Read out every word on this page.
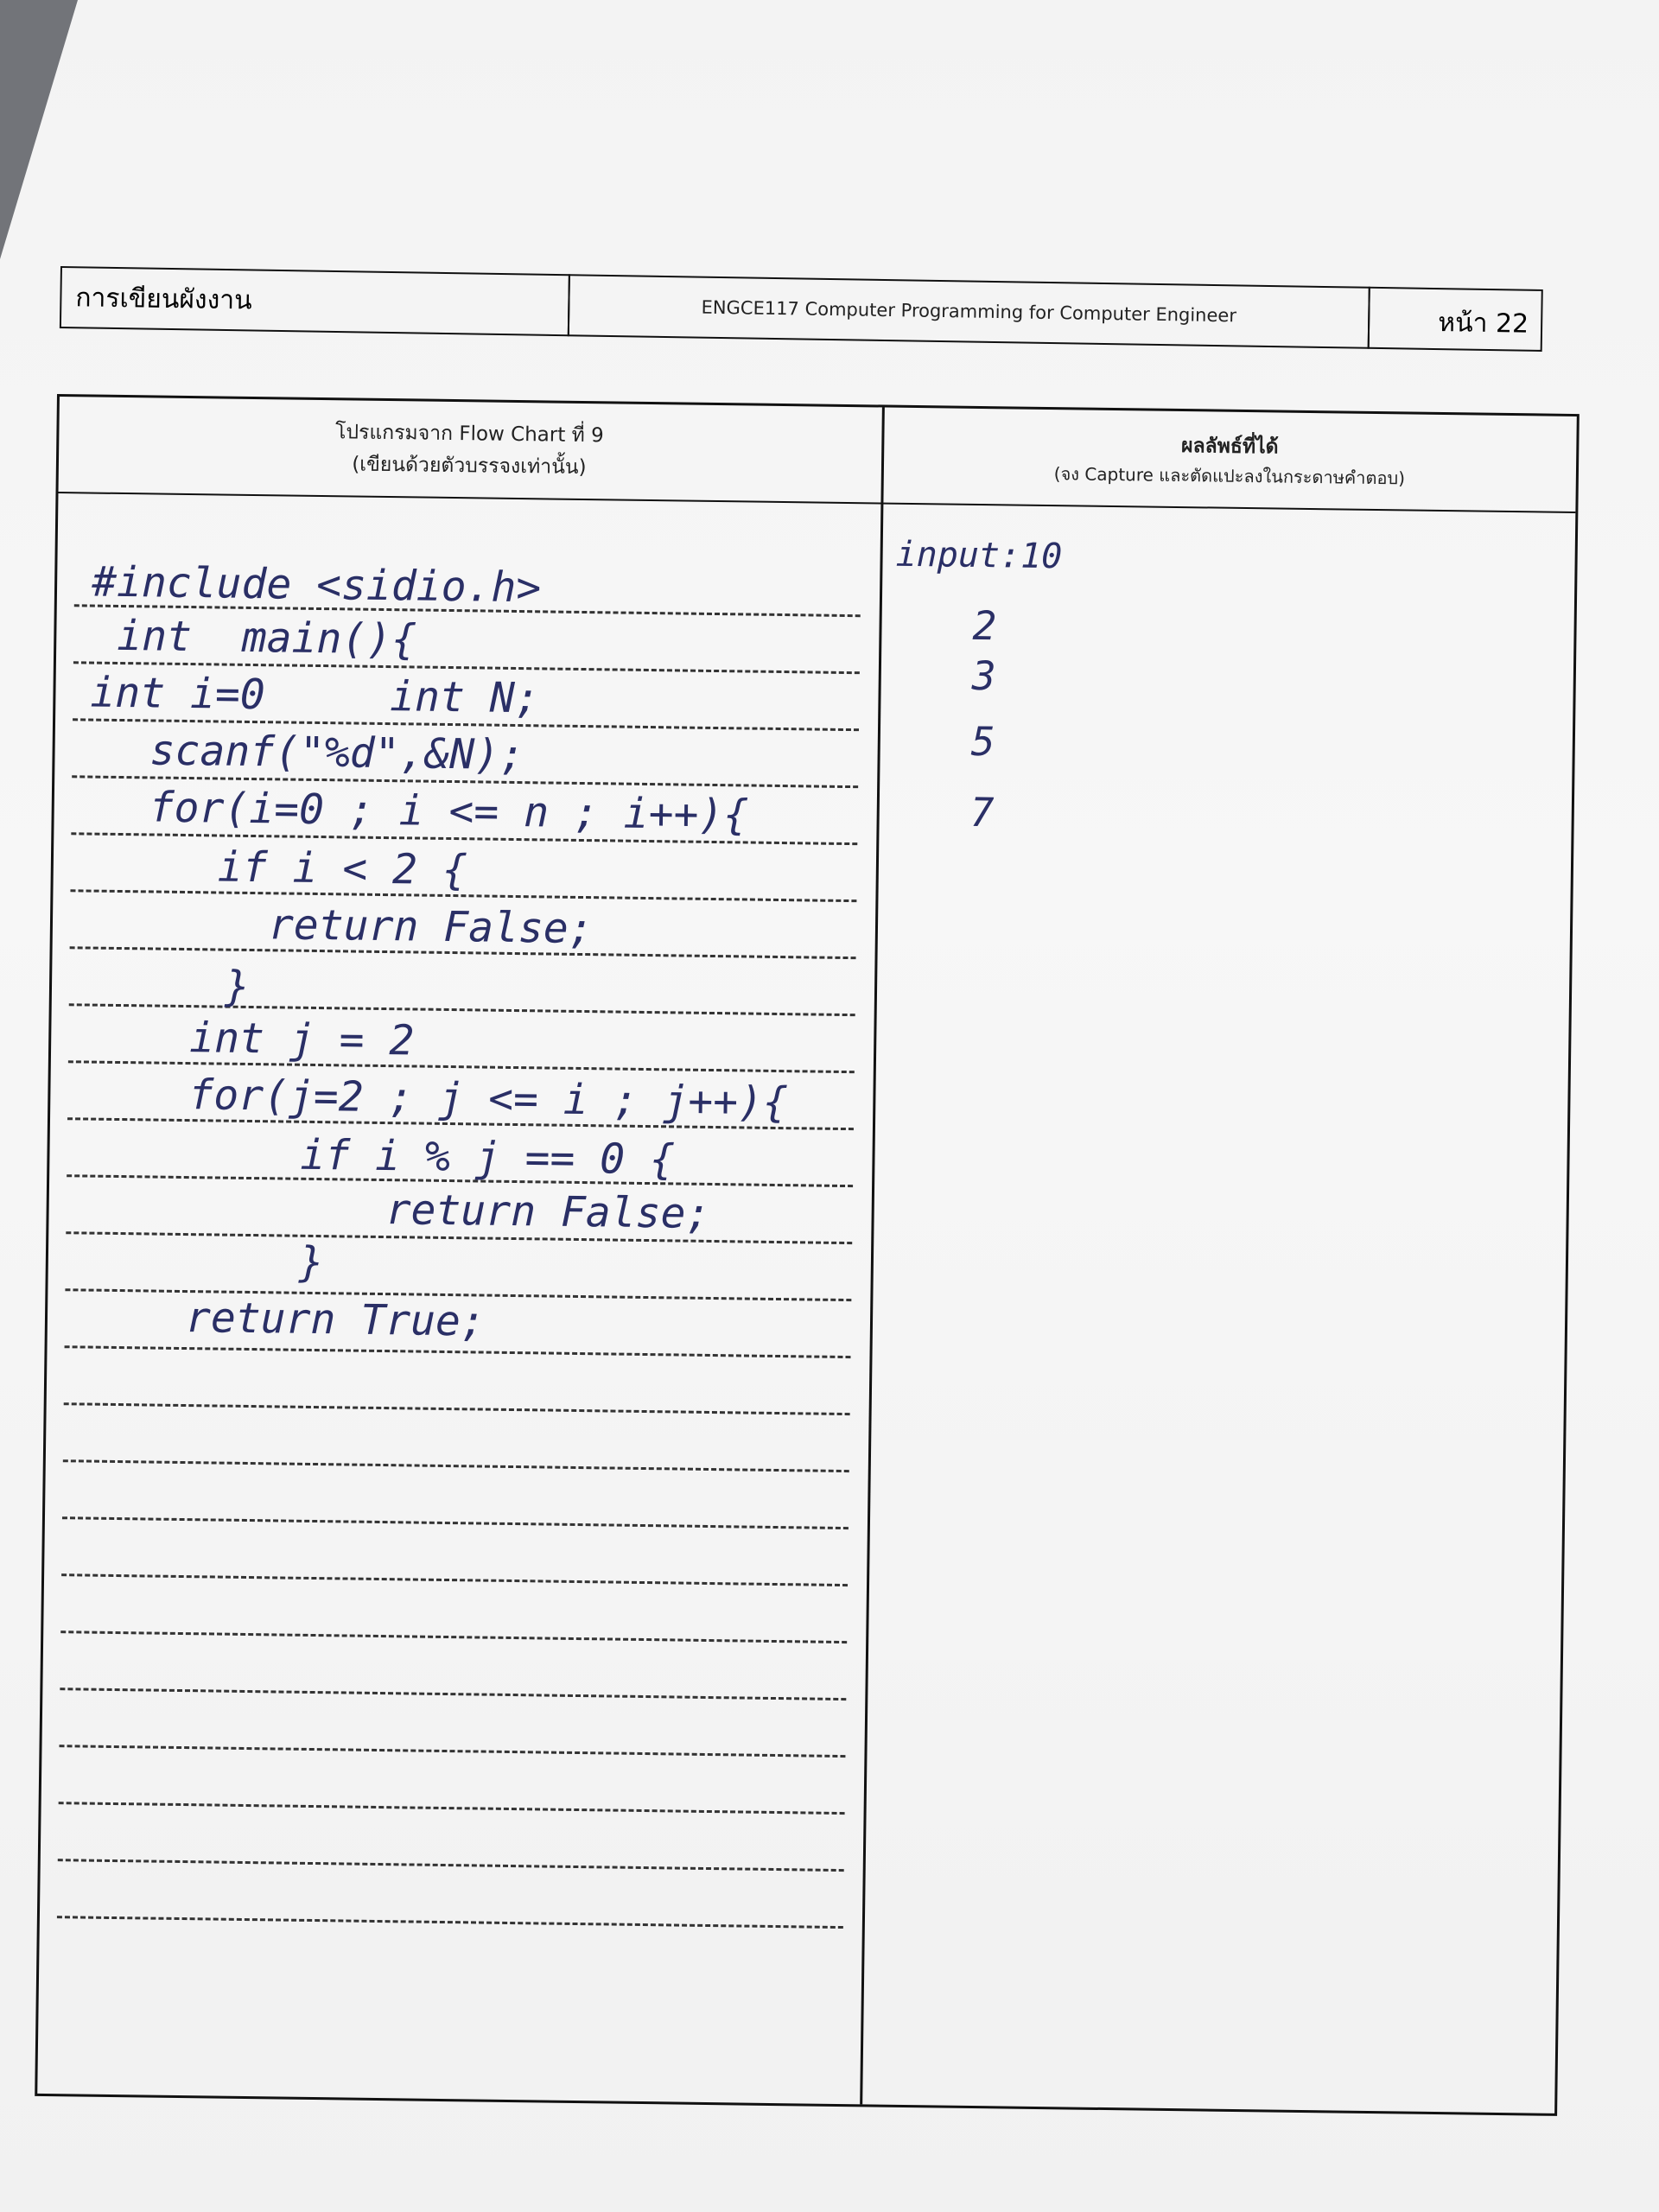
การเขียนผังงาน	ENGCE117 Computer Programming for Computer Engineer	หน้า 22
โปรแกรมจาก Flow Chart ที่ 9
(เขียนด้วยตัวบรรจงเท่านั้น)
ผลลัพธ์ที่ได้
(จง Capture และตัดแปะลงในกระดาษคำตอบ)
#include <sidio.h>
int  main(){
int i=0     int N;
scanf("%d",&N);
for(i=0 ; i <= n ; i++){
if i < 2 {
return False;
}
int j = 2
for(j=2 ; j <= i ; j++){
if i % j == 0 {
return False;
}
return True;
input:10
2
3
5
7
